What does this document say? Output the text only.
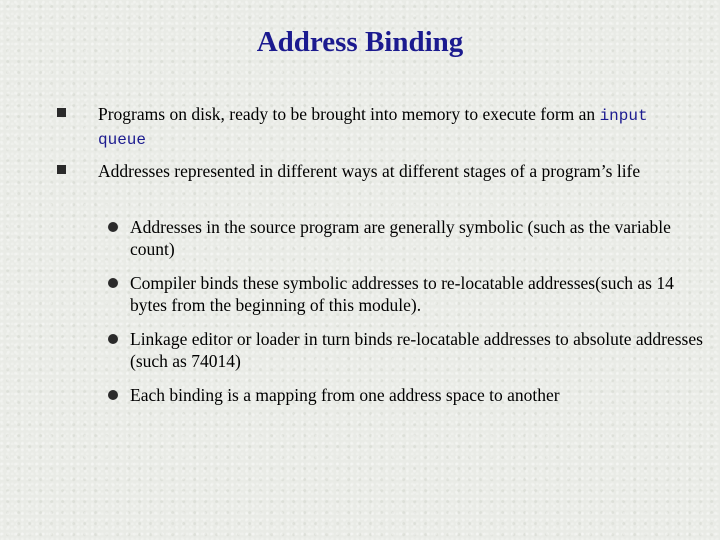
Address Binding
Programs on disk, ready to be brought into memory to execute form an input queue
Addresses represented in different ways at different stages of a program’s life
Addresses in the source program are generally symbolic (such as the variable count)
Compiler binds these symbolic addresses to re-locatable addresses(such as 14 bytes from the beginning of this module).
Linkage editor or loader in turn binds re-locatable addresses to absolute addresses (such as 74014)
Each binding is a mapping from one address space to another
